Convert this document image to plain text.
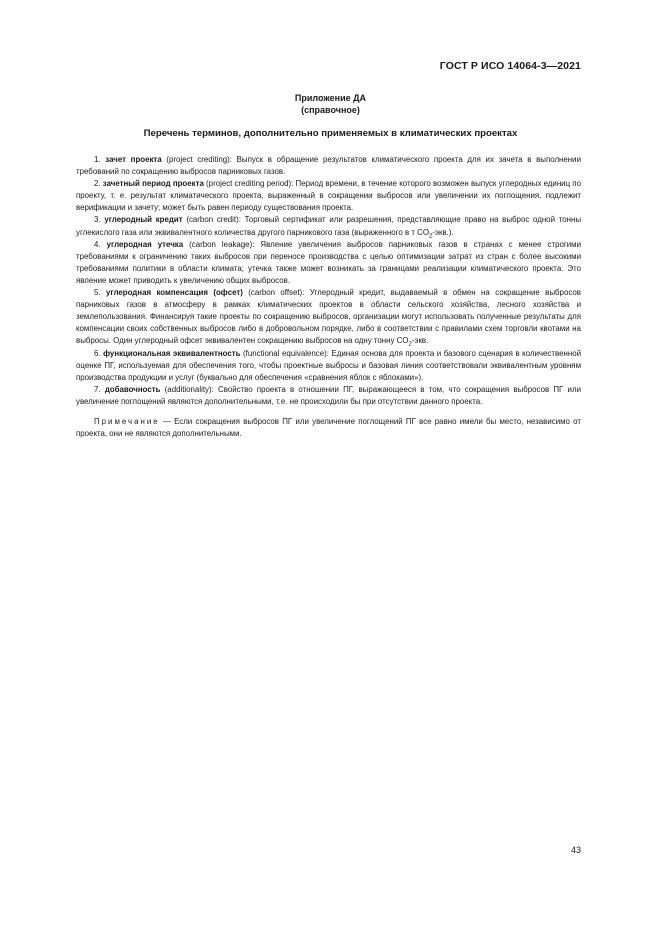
ГОСТ Р ИСО 14064-3—2021
Приложение ДА
(справочное)
Перечень терминов, дополнительно применяемых в климатических проектах

1. зачет проекта (project crediting): Выпуск в обращение результатов климатического проекта для их зачета в выполнении требований по сокращению выбросов парниковых газов.

2. зачетный период проекта (project crediting period): Период времени, в течение которого возможен выпуск углеродных единиц по проекту, т. е. результат климатического проекта, выраженный в сокращении выбросов или увеличении их поглощения, подлежит верификации и зачету; может быть равен периоду существования проекта.

3. углеродный кредит (carbon credit): Торговый сертификат или разрешения, представляющие право на выброс одной тонны углекислого газа или эквивалентного количества другого парникового газа (выраженного в т $CO_2-экв$.).

4. углеродная утечка (carbon leakage): Явление увеличения выбросов парниковых газов в странах с менее строгими требованиями к ограничению таких выбросов при переносе производства с целью оптимизации затрат из стран с более высокими требованиями политики в области климата; утечка также может возникать за границами реализации климатического проекта. Это явление может приводить к увеличению общих выбросов.

5. углеродная компенсация (офсет) (carbon offset): Углеродный кредит, выдаваемый в обмен на сокращение выбросов парниковых газов в атмосферу в рамках климатических проектов в области сельского хозяйства, лесного хозяйства и землепользования. Финансируя такие проекты по сокращению выбросов, организации могут использовать полученные результаты для компенсации своих собственных выбросов либо в добровольном порядке, либо в соответствии с правилами схем торговли квотами на выбросы. Один углеродный офсет эквивалентен сокращению выбросов на одну тонну $CO_2$-экв.

6. функциональная эквивалентность (functional equivalence): Единая основа для проекта и базового сценария в количественной оценке ПГ, используемая для обеспечения того, чтобы проектные выбросы и базовая линия соответствовали эквивалентным уровням производства продукции и услуг (буквально для обеспечения «сравнения яблок с яблоками»).

7. добавочность (additionality): Свойство проекта в отношении ПГ, выражающееся в том, что сокращения выбросов ПГ или увеличение поглощений являются дополнительными, т.е. не происходили бы при отсутствии данного проекта.

Примечание — Если сокращения выбросов ПГ или увеличение поглощений ПГ все равно имели бы место, независимо от проекта, они не являются дополнительными.

43
